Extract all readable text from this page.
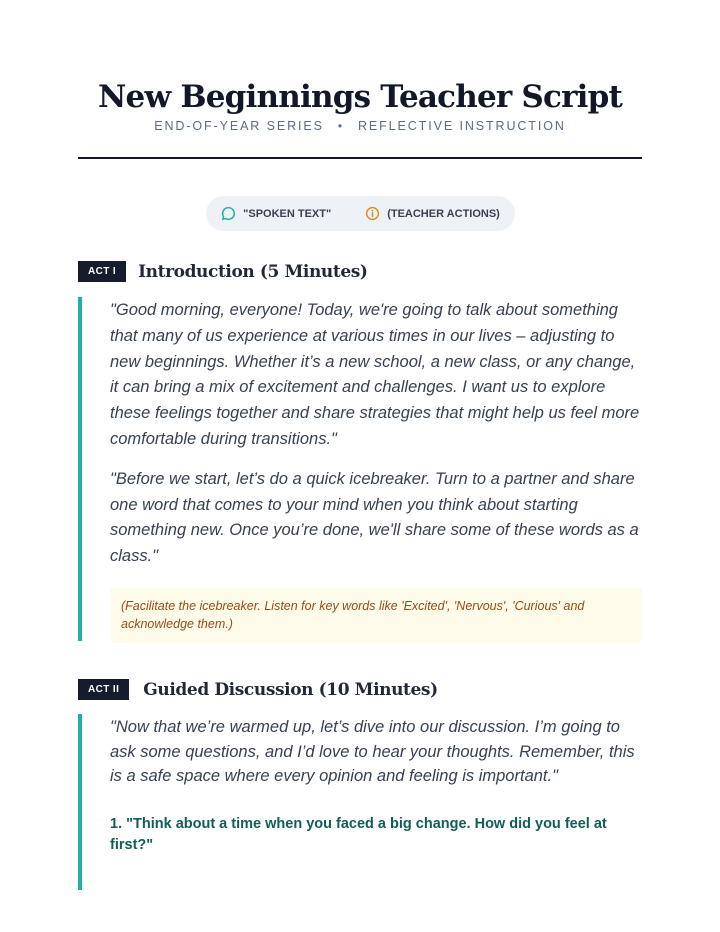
New Beginnings Teacher Script
END-OF-YEAR SERIES • REFLECTIVE INSTRUCTION
"SPOKEN TEXT"	(TEACHER ACTIONS)
ACT I	Introduction (5 Minutes)

"Good morning, everyone! Today, we're going to talk about something that many of us experience at various times in our lives – adjusting to new beginnings. Whether it’s a new school, a new class, or any change, it can bring a mix of excitement and challenges. I want us to explore these feelings together and share strategies that might help us feel more comfortable during transitions."

"Before we start, let’s do a quick icebreaker. Turn to a partner and share one word that comes to your mind when you think about starting something new. Once you’re done, we'll share some of these words as a class."

(Facilitate the icebreaker. Listen for key words like 'Excited', 'Nervous', 'Curious' and acknowledge them.)
ACT II	Guided Discussion (10 Minutes)

"Now that we’re warmed up, let’s dive into our discussion. I’m going to ask some questions, and I’d love to hear your thoughts. Remember, this is a safe space where every opinion and feeling is important."

1. "Think about a time when you faced a big change. How did you feel at first?"
